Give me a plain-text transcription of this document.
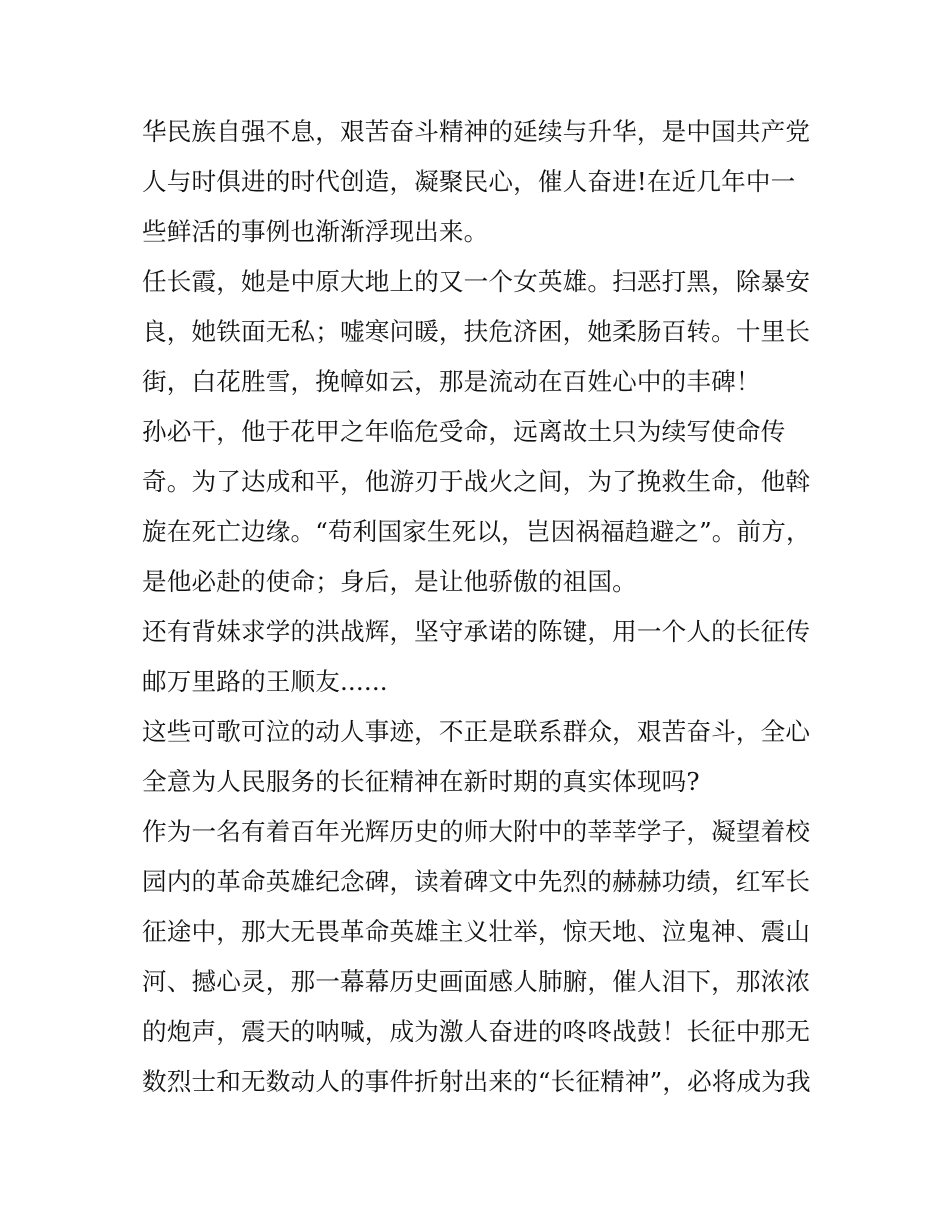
华民族自强不息，艰苦奋斗精神的延续与升华，是中国共产党
人与时俱进的时代创造，凝聚民心，催人奋进!在近几年中一
些鲜活的事例也渐渐浮现出来。
任长霞，她是中原大地上的又一个女英雄。扫恶打黑，除暴安
良，她铁面无私；嘘寒问暖，扶危济困，她柔肠百转。十里长
街，白花胜雪，挽幛如云，那是流动在百姓心中的丰碑！
孙必干，他于花甲之年临危受命，远离故土只为续写使命传
奇。为了达成和平，他游刃于战火之间，为了挽救生命，他斡
旋在死亡边缘。“苟利国家生死以，岂因祸福趋避之”。前方，
是他必赴的使命；身后，是让他骄傲的祖国。
还有背妹求学的洪战辉，坚守承诺的陈键，用一个人的长征传
邮万里路的王顺友......
这些可歌可泣的动人事迹，不正是联系群众，艰苦奋斗，全心
全意为人民服务的长征精神在新时期的真实体现吗?
作为一名有着百年光辉历史的师大附中的莘莘学子，凝望着校
园内的革命英雄纪念碑，读着碑文中先烈的赫赫功绩，红军长
征途中，那大无畏革命英雄主义壮举，惊天地、泣鬼神、震山
河、撼心灵，那一幕幕历史画面感人肺腑，催人泪下，那浓浓
的炮声，震天的呐喊，成为激人奋进的咚咚战鼓！长征中那无
数烈士和无数动人的事件折射出来的“长征精神”，必将成为我
